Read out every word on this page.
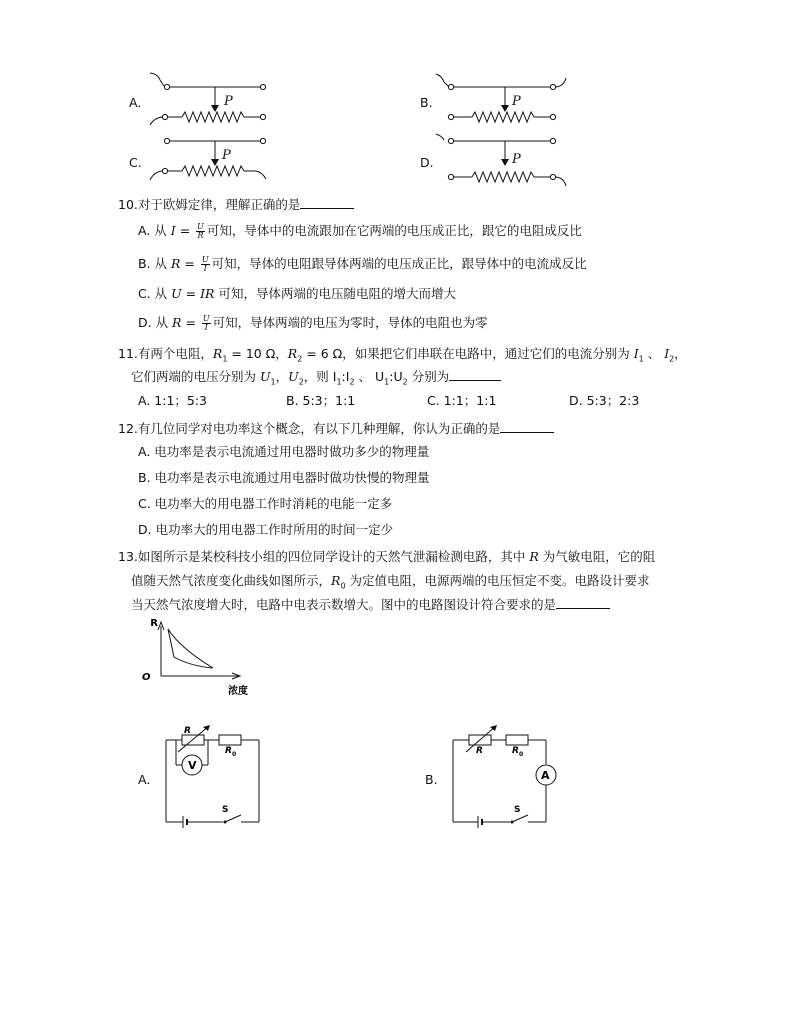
A.	P
C.	P
B.	P
D.	P
10.对于欧姆定律，理解正确的是
A. 从 $I = \frac{U}{R}$ 可知，导体中的电流跟加在它两端的电压成正比，跟它的电阻成反比
B. 从 $R = \frac{U}{I}$ 可知，导体的电阻跟导体两端的电压成正比，跟导体中的电流成反比
C. 从 U = IR 可知，导体两端的电压随电阻的增大而增大
D. 从 $R = \frac{U}{I}$ 可知，导体两端的电压为零时，导体的电阻也为零
11.有两个电阻，$R_1 = 10$ Ω，$R_2 = 6$ Ω，如果把它们串联在电路中，通过它们的电流分别为 $I_1$ 、 $I_2$，
它们两端的电压分别为 $U_1$，$U_2$，则 $I_1:I_2$ 、 $U_1:U_2$ 分别为
A. 1:1；5:3	B. 5:3；1:1	C. 1:1；1:1	D. 5:3；2:3
12.有几位同学对电功率这个概念，有以下几种理解，你认为正确的是
A. 电功率是表示电流通过用电器时做功多少的物理量
B. 电功率是表示电流通过用电器时做功快慢的物理量
C. 电功率大的用电器工作时消耗的电能一定多
D. 电功率大的用电器工作时所用的时间一定少
13.如图所示是某校科技小组的四位同学设计的天然气泄漏检测电路，其中 R 为气敏电阻，它的阻
值随天然气浓度变化曲线如图所示，$R_0$ 为定值电阻，电源两端的电压恒定不变。电路设计要求
当天然气浓度增大时，电路中电表示数增大。图中的电路图设计符合要求的是
R
O
浓度
A.
V
R
R 0
S
B.	A
R	R 0
S
